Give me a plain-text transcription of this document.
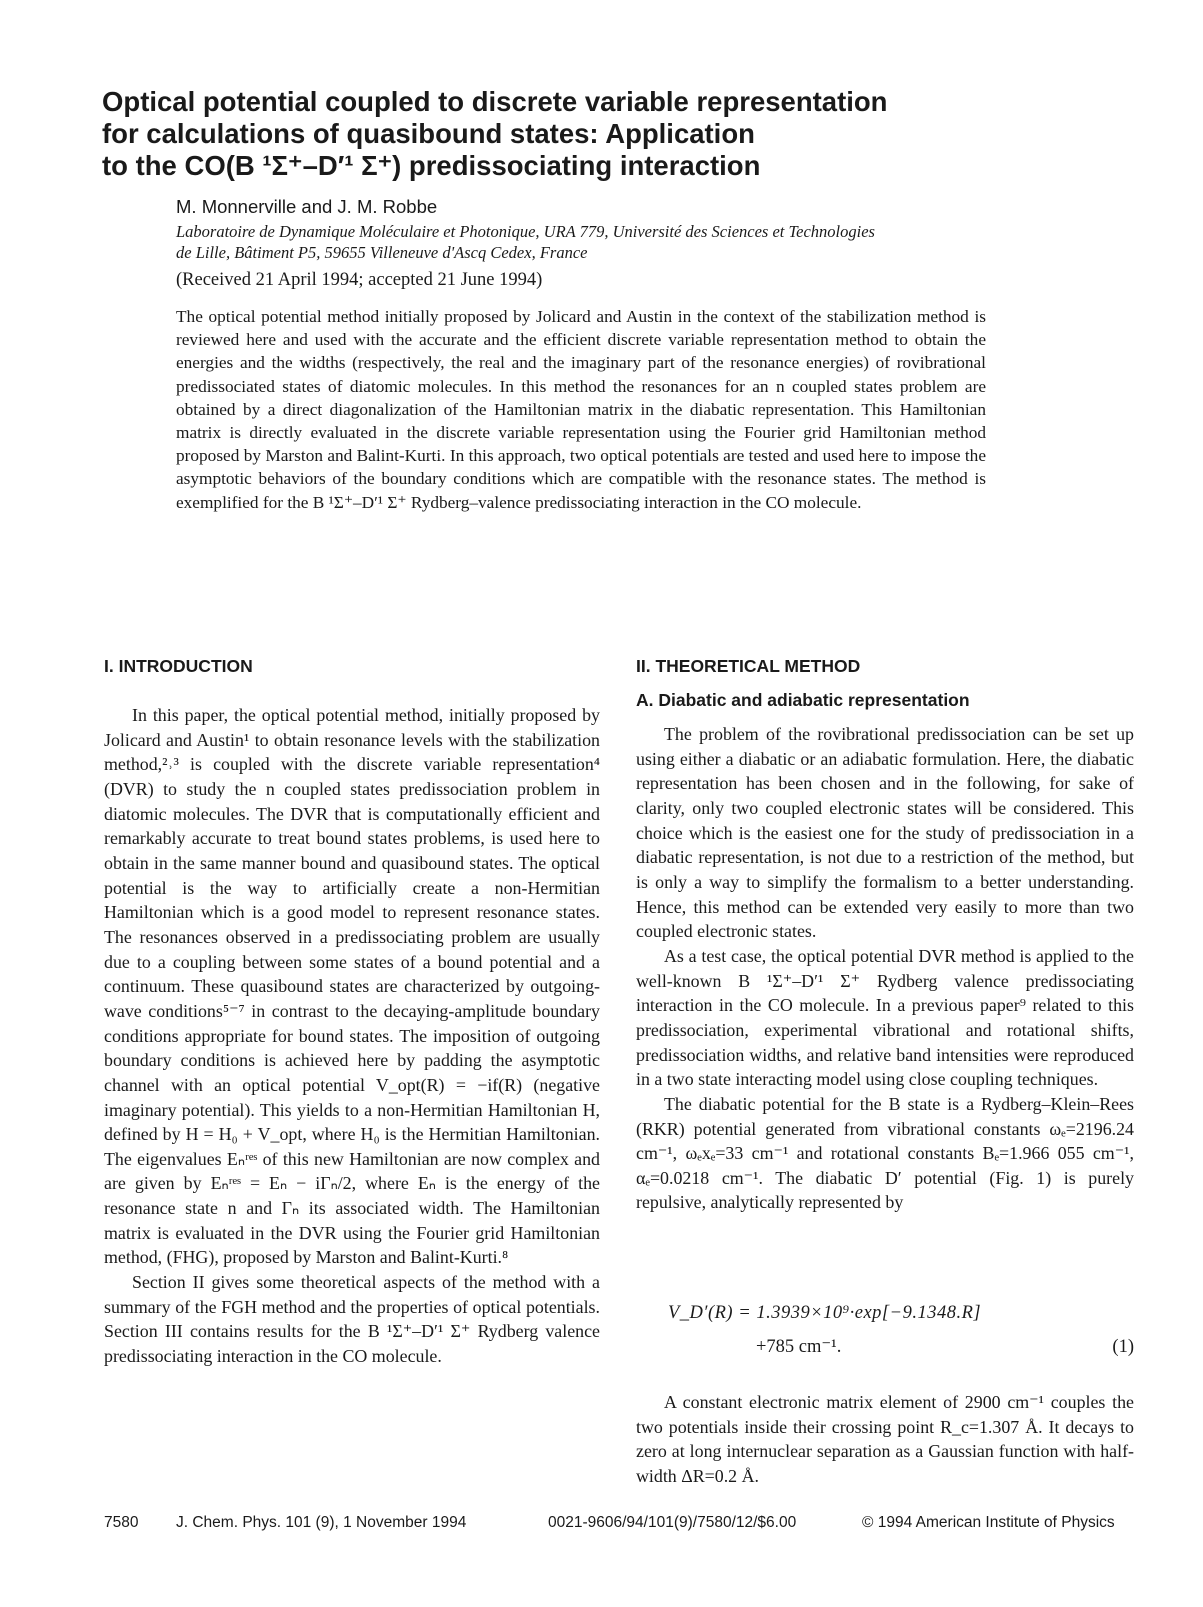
Optical potential coupled to discrete variable representation
for calculations of quasibound states: Application
to the CO(B ¹Σ⁺–D′¹ Σ⁺) predissociating interaction
M. Monnerville and J. M. Robbe
Laboratoire de Dynamique Moléculaire et Photonique, URA 779, Université des Sciences et Technologies
de Lille, Bâtiment P5, 59655 Villeneuve d'Ascq Cedex, France
(Received 21 April 1994; accepted 21 June 1994)
The optical potential method initially proposed by Jolicard and Austin in the context of the stabilization method is reviewed here and used with the accurate and the efficient discrete variable representation method to obtain the energies and the widths (respectively, the real and the imaginary part of the resonance energies) of rovibrational predissociated states of diatomic molecules. In this method the resonances for an n coupled states problem are obtained by a direct diagonalization of the Hamiltonian matrix in the diabatic representation. This Hamiltonian matrix is directly evaluated in the discrete variable representation using the Fourier grid Hamiltonian method proposed by Marston and Balint-Kurti. In this approach, two optical potentials are tested and used here to impose the asymptotic behaviors of the boundary conditions which are compatible with the resonance states. The method is exemplified for the B ¹Σ⁺–D′¹ Σ⁺ Rydberg–valence predissociating interaction in the CO molecule.
I. INTRODUCTION	II. THEORETICAL METHOD
A. Diabatic and adiabatic representation

In this paper, the optical potential method, initially proposed by Jolicard and Austin¹ to obtain resonance levels with the stabilization method,²˒³ is coupled with the discrete variable representation⁴ (DVR) to study the n coupled states predissociation problem in diatomic molecules. The DVR that is computationally efficient and remarkably accurate to treat bound states problems, is used here to obtain in the same manner bound and quasibound states. The optical potential is the way to artificially create a non-Hermitian Hamiltonian which is a good model to represent resonance states. The resonances observed in a predissociating problem are usually due to a coupling between some states of a bound potential and a continuum. These quasibound states are characterized by outgoing-wave conditions⁵⁻⁷ in contrast to the decaying-amplitude boundary conditions appropriate for bound states. The imposition of outgoing boundary conditions is achieved here by padding the asymptotic channel with an optical potential V_opt(R) = −if(R) (negative imaginary potential). This yields to a non-Hermitian Hamiltonian H, defined by H = H₀ + V_opt, where H₀ is the Hermitian Hamiltonian. The eigenvalues Eₙʳᵉˢ of this new Hamiltonian are now complex and are given by Eₙʳᵉˢ = Eₙ − iΓₙ/2, where Eₙ is the energy of the resonance state n and Γₙ its associated width. The Hamiltonian matrix is evaluated in the DVR using the Fourier grid Hamiltonian method, (FHG), proposed by Marston and Balint-Kurti.⁸

Section II gives some theoretical aspects of the method with a summary of the FGH method and the properties of optical potentials. Section III contains results for the B ¹Σ⁺–D′¹ Σ⁺ Rydberg valence predissociating interaction in the CO molecule.

The problem of the rovibrational predissociation can be set up using either a diabatic or an adiabatic formulation. Here, the diabatic representation has been chosen and in the following, for sake of clarity, only two coupled electronic states will be considered. This choice which is the easiest one for the study of predissociation in a diabatic representation, is not due to a restriction of the method, but is only a way to simplify the formalism to a better understanding. Hence, this method can be extended very easily to more than two coupled electronic states.

As a test case, the optical potential DVR method is applied to the well-known B ¹Σ⁺–D′¹ Σ⁺ Rydberg valence predissociating interaction in the CO molecule. In a previous paper⁹ related to this predissociation, experimental vibrational and rotational shifts, predissociation widths, and relative band intensities were reproduced in a two state interacting model using close coupling techniques.

The diabatic potential for the B state is a Rydberg–Klein–Rees (RKR) potential generated from vibrational constants ωₑ=2196.24 cm⁻¹, ωₑxₑ=33 cm⁻¹ and rotational constants Bₑ=1.966 055 cm⁻¹, αₑ=0.0218 cm⁻¹. The diabatic D′ potential (Fig. 1) is purely repulsive, analytically represented by

V_D′(R) = 1.3939×10⁹·exp[−9.1348.R]
+785 cm⁻¹.	(1)

A constant electronic matrix element of 2900 cm⁻¹ couples the two potentials inside their crossing point R_c=1.307 Å. It decays to zero at long internuclear separation as a Gaussian function with half-width ΔR=0.2 Å.

7580 J. Chem. Phys. 101 (9), 1 November 1994	0021-9606/94/101(9)/7580/12/$6.00	© 1994 American Institute of Physics
